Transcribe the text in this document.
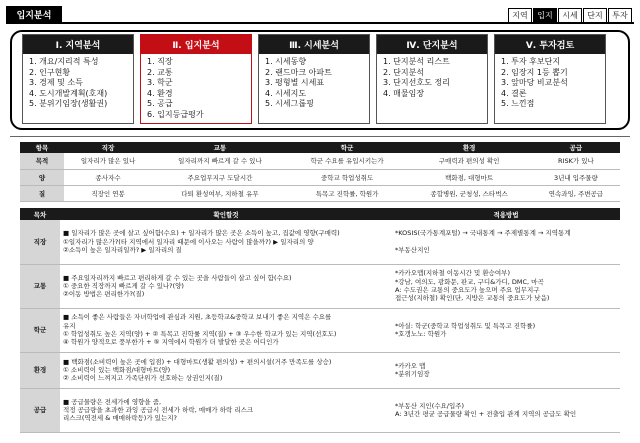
입지분석	지역	입지	시세	단지	투자
Ⅰ. 지역분석
1. 개요/지리적 특성
2. 인구현황
3. 경제 및 소득
4. 도시개발계획(호재)
5. 분위기임장(생활권)
Ⅱ. 입지분석
1. 직장
2. 교통
3. 학군
4. 환경
5. 공급
6. 입지등급평가
Ⅲ. 시세분석
1. 시세동향
2. 랜드마크 아파트
3. 평형별 시세표
4. 시세지도
5. 시세그룹핑
Ⅳ. 단지분석
1. 단지분석 리스트
2. 단지분석
3. 단지선호도 정리
4. 매물임장
Ⅴ. 투자검토
1. 투자 후보단지
2. 임장지 1등 뽑기
3. 앞마당 비교분석
4. 결론
5. 느낀점
항목	직장	교통	학군	환경	공급
목적	일자리가 많은 있나	일자리까지 빠르게 갈 수 있나	학군 수요를 유입시키는가	구매력과 편의성 확인	RISK가 있나
양	종사자수	주요업무지구 도달시간	중학교 학업성취도	백화점, 대형마트	3년내 입주물량
질	직장인 연봉	다퇴 환성여부, 지하철 유무	특목고 진학률, 학원가	종합병원, 군청성, 스타벅스	연속과잉, 주변공급
목차	확인할것	적용방법
직장	■ 일자리가 많은 곳에 살고 싶어함(수요) + 일자리가 많은 곳은 소득이 높고, 집값에 영향(구매력)
①일자리가 많은가?(타 지역에서 일자리 때문에 이사오는 사람이 많을까?) ▶ 일자리의 양
②소득이 높은 일자리일까? ▶ 일자리의 질	*KOSIS(국가통계포털) → 국내통계 → 주제별통계 → 지역통계

*부동산지인

교통	■ 주요일자리까지 빠르고 편리하게 갈 수 있는 곳을 사람들이 살고 싶어 함(수요)
① 중요한 직장까지 빠르게 갈 수 있나?(양)
②이동 방법은 편리한가?(질)	*카카오맵(지하철 이동시간 및 환승여부)
*강남, 여의도, 광화문, 판교, 구디&가디, DMC, 마곡
A: 수도권은 교통의 중요도가 높으며 주요 업무지구
접근성(지하철) 확인(단, 지방은 교통의 중요도가 낮음)

학군	■ 소득이 좋은 사람들은 자녀학업에 관심과 지원, 초등학교&중학교 보내기 좋은 지역은 수요를
유지
① 학업성취도 높은 지역(양) + ② 특목고 진학률 지역(질) + ③ 우수한 학교가 있는 지역(선호도)
④ 학원가 양적으로 풍부한가 + ⑤ 지역에서 학원가 더 발달한 곳은 어디인가	*아실: 학군(중학교 학업성취도 및 특목고 진학률)
*호갱노노: 학원가

환경	■ 백화점(소비력이 높은 곳에 입점) + 대형마트(생활 편의성) + 편의시설(거주 만족도를 상승)
① 소비력이 있는 백화점/대형마트(양)
② 소비력이 느껴지고 가족단위가 선호하는 상권인지(질)	*카카오 맵
*분위기임장

공급	■ 공급물량은 전세가에 영향을 줌,
적정 공급량을 초과한 과잉 공급시 전세가 하락, 매매가 하락 리스크
리스크(역전세 & 매매하락등)가 있는지?	*부동산 지인(수요/입주)
A: 3년간 평균 공급물량 확인 + 전출입 관계 지역의 공급도 확인
